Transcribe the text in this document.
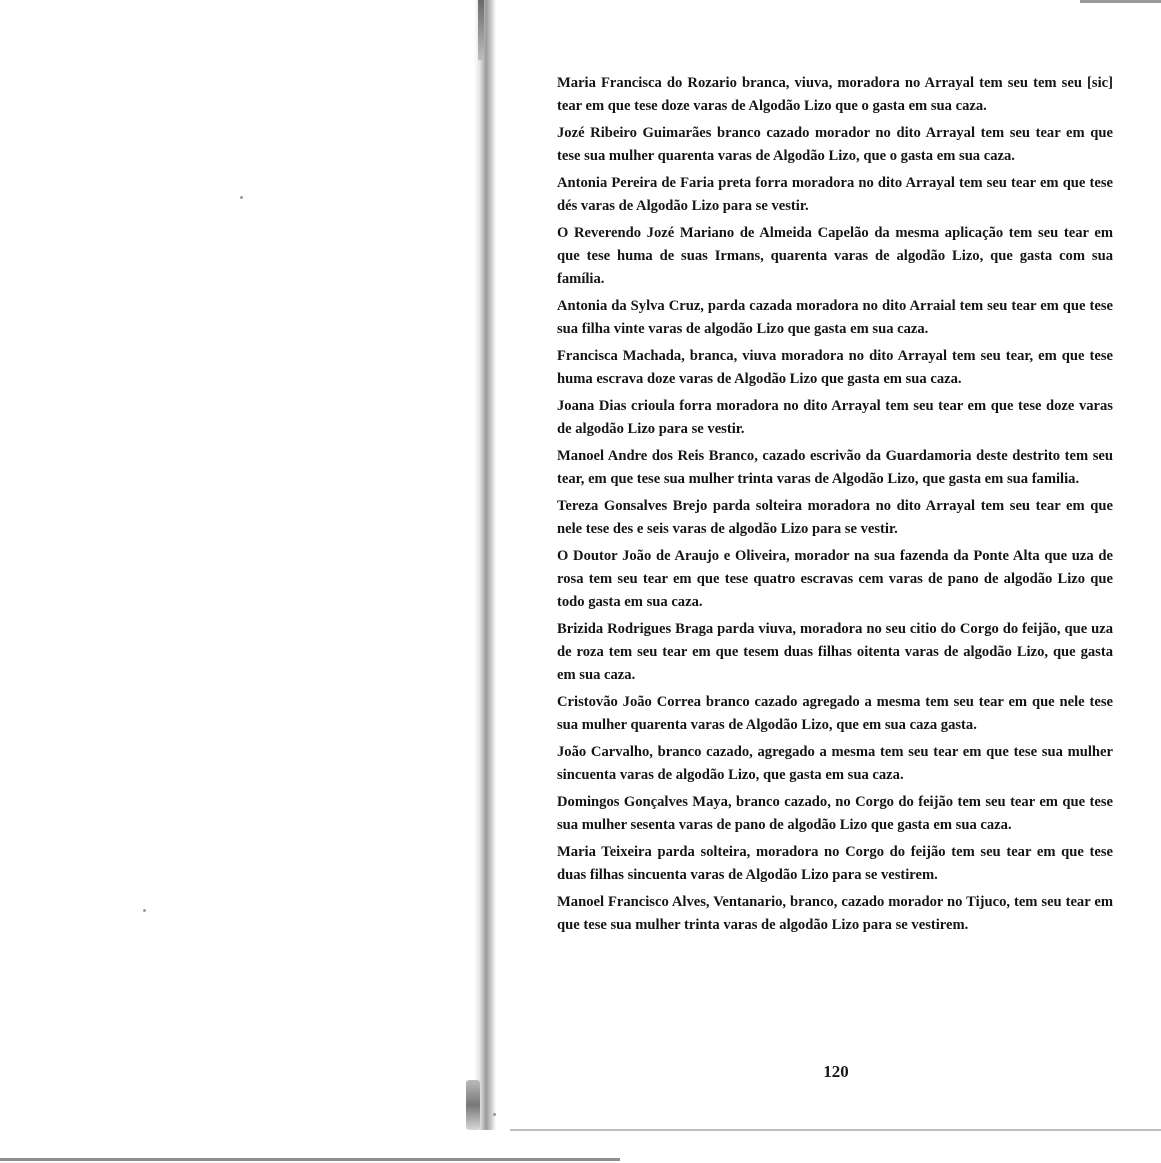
Maria Francisca do Rozario branca, viuva, moradora no Arrayal tem seu tem seu [sic] tear em que tese doze varas de Algodão Lizo que o gasta em sua caza.

Jozé Ribeiro Guimarães branco cazado morador no dito Arrayal tem seu tear em que tese sua mulher quarenta varas de Algodão Lizo, que o gasta em sua caza.

Antonia Pereira de Faria preta forra moradora no dito Arrayal tem seu tear em que tese dés varas de Algodão Lizo para se vestir.

O Reverendo Jozé Mariano de Almeida Capelão da mesma aplicação tem seu tear em que tese huma de suas Irmans, quarenta varas de algodão Lizo, que gasta com sua família.

Antonia da Sylva Cruz, parda cazada moradora no dito Arraial tem seu tear em que tese sua filha vinte varas de algodão Lizo que gasta em sua caza.

Francisca Machada, branca, viuva moradora no dito Arrayal tem seu tear, em que tese huma escrava doze varas de Algodão Lizo que gasta em sua caza.

Joana Dias crioula forra moradora no dito Arrayal tem seu tear em que tese doze varas de algodão Lizo para se vestir.

Manoel Andre dos Reis Branco, cazado escrivão da Guardamoria deste destrito tem seu tear, em que tese sua mulher trinta varas de Algodão Lizo, que gasta em sua familia.

Tereza Gonsalves Brejo parda solteira moradora no dito Arrayal tem seu tear em que nele tese des e seis varas de algodão Lizo para se vestir.

O Doutor João de Araujo e Oliveira, morador na sua fazenda da Ponte Alta que uza de rosa tem seu tear em que tese quatro escravas cem varas de pano de algodão Lizo que todo gasta em sua caza.

Brizida Rodrigues Braga parda viuva, moradora no seu citio do Corgo do feijão, que uza de roza tem seu tear em que tesem duas filhas oitenta varas de algodão Lizo, que gasta em sua caza.

Cristovão João Correa branco cazado agregado a mesma tem seu tear em que nele tese sua mulher quarenta varas de Algodão Lizo, que em sua caza gasta.

João Carvalho, branco cazado, agregado a mesma tem seu tear em que tese sua mulher sincuenta varas de algodão Lizo, que gasta em sua caza.

Domingos Gonçalves Maya, branco cazado, no Corgo do feijão tem seu tear em que tese sua mulher sesenta varas de pano de algodão Lizo que gasta em sua caza.

Maria Teixeira parda solteira, moradora no Corgo do feijão tem seu tear em que tese duas filhas sincuenta varas de Algodão Lizo para se vestirem.

Manoel Francisco Alves, Ventanario, branco, cazado morador no Tijuco, tem seu tear em que tese sua mulher trinta varas de algodão Lizo para se vestirem.

120
